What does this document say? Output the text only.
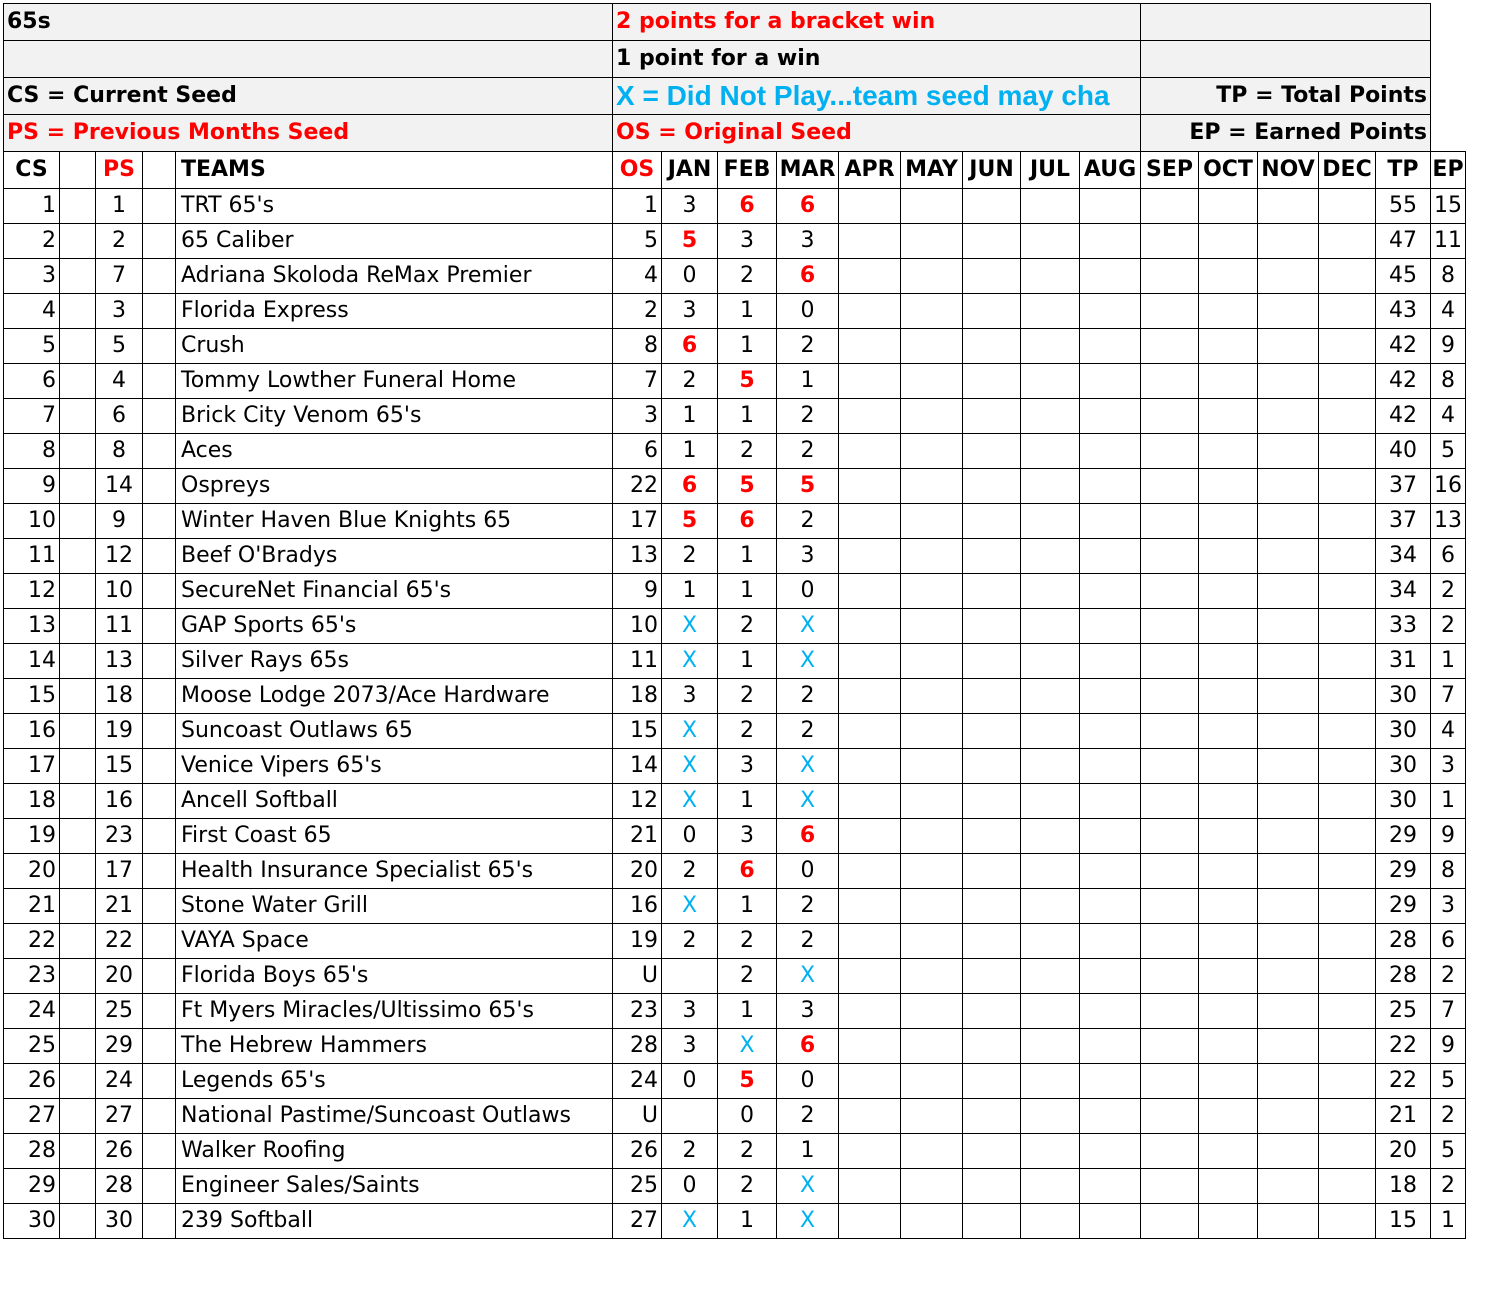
65s					2 points for a bracket win														
					1 point for a win														
CS = Current Seed					X = Did Not Play...team seed may cha									TP = Total Points					
PS = Previous Months Seed					OS = Original Seed									EP = Earned Points					
CS		PS		TEAMS	OS	JAN	FEB	MAR	APR	MAY	JUN	JUL	AUG	SEP	OCT	NOV	DEC	TP	EP
1		1		TRT 65's	1	3	6	6										55	15
2		2		65 Caliber	5	5	3	3										47	11
3		7		Adriana Skoloda ReMax Premier	4	0	2	6										45	8
4		3		Florida Express	2	3	1	0										43	4
5		5		Crush	8	6	1	2										42	9
6		4		Tommy Lowther Funeral Home	7	2	5	1										42	8
7		6		Brick City Venom 65's	3	1	1	2										42	4
8		8		Aces	6	1	2	2										40	5
9		14		Ospreys	22	6	5	5										37	16
10		9		Winter Haven Blue Knights 65	17	5	6	2										37	13
11		12		Beef O'Bradys	13	2	1	3										34	6
12		10		SecureNet Financial 65's	9	1	1	0										34	2
13		11		GAP Sports 65's	10	X	2	X										33	2
14		13		Silver Rays 65s	11	X	1	X										31	1
15		18		Moose Lodge 2073/Ace Hardware	18	3	2	2										30	7
16		19		Suncoast Outlaws 65	15	X	2	2										30	4
17		15		Venice Vipers 65's	14	X	3	X										30	3
18		16		Ancell Softball	12	X	1	X										30	1
19		23		First Coast 65	21	0	3	6										29	9
20		17		Health Insurance Specialist 65's	20	2	6	0										29	8
21		21		Stone Water Grill	16	X	1	2										29	3
22		22		VAYA Space	19	2	2	2										28	6
23		20		Florida Boys 65's	U		2	X										28	2
24		25		Ft Myers Miracles/Ultissimo 65's	23	3	1	3										25	7
25		29		The Hebrew Hammers	28	3	X	6										22	9
26		24		Legends 65's	24	0	5	0										22	5
27		27		National Pastime/Suncoast Outlaws	U		0	2										21	2
28		26		Walker Roofing	26	2	2	1										20	5
29		28		Engineer Sales/Saints	25	0	2	X										18	2
30		30		239 Softball	27	X	1	X										15	1
